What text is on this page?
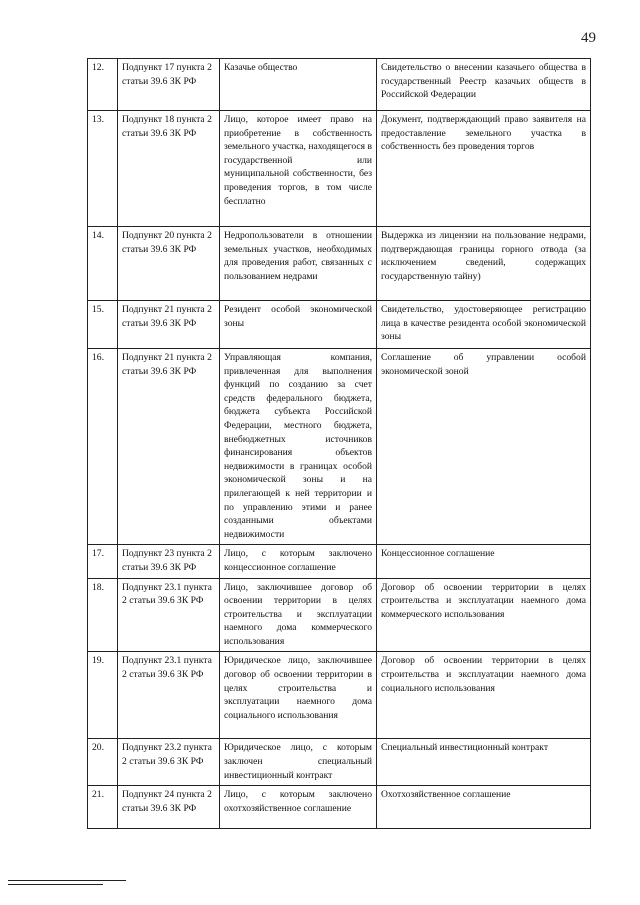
49
12.	Подпункт 17 пункта 2 статьи 39.6 ЗК РФ	Казачье общество	Свидетельство о внесении казачьего общества в государственный Реестр казачьих обществ в Российской Федерации
13.	Подпункт 18 пункта 2 статьи 39.6 ЗК РФ	Лицо, которое имеет право на приобретение в собственность земельного участка, находящегося в государственной или муниципальной собственности, без проведения торгов, в том числе бесплатно	Документ, подтверждающий право заявителя на предоставление земельного участка в собственность без проведения торгов
14.	Подпункт 20 пункта 2 статьи 39.6 ЗК РФ	Недропользователи в отношении земельных участков, необходимых для проведения работ, связанных с пользованием недрами	Выдержка из лицензии на пользование недрами, подтверждающая границы горного отвода (за исключением сведений, содержащих государственную тайну)
15.	Подпункт 21 пункта 2 статьи 39.6 ЗК РФ	Резидент особой экономической зоны	Свидетельство, удостоверяющее регистрацию лица в качестве резидента особой экономической зоны
16.	Подпункт 21 пункта 2 статьи 39.6 ЗК РФ	Управляющая компания, привлеченная для выполнения функций по созданию за счет средств федерального бюджета, бюджета субъекта Российской Федерации, местного бюджета, внебюджетных источников финансирования объектов недвижимости в границах особой экономической зоны и на прилегающей к ней территории и по управлению этими и ранее созданными объектами недвижимости	Соглашение об управлении особой экономической зоной
17.	Подпункт 23 пункта 2 статьи 39.6 ЗК РФ	Лицо, с которым заключено концессионное соглашение	Концессионное соглашение
18.	Подпункт 23.1 пункта 2 статьи 39.6 ЗК РФ	Лицо, заключившее договор об освоении территории в целях строительства и эксплуатации наемного дома коммерческого использования	Договор об освоении территории в целях строительства и эксплуатации наемного дома коммерческого использования
19.	Подпункт 23.1 пункта 2 статьи 39.6 ЗК РФ	Юридическое лицо, заключившее договор об освоении территории в целях строительства и эксплуатации наемного дома социального использования	Договор об освоении территории в целях строительства и эксплуатации наемного дома социального использования
20.	Подпункт 23.2 пункта 2 статьи 39.6 ЗК РФ	Юридическое лицо, с которым заключен специальный инвестиционный контракт	Специальный инвестиционный контракт
21.	Подпункт 24 пункта 2 статьи 39.6 ЗК РФ	Лицо, с которым заключено охотхозяйственное соглашение	Охотхозяйственное соглашение
